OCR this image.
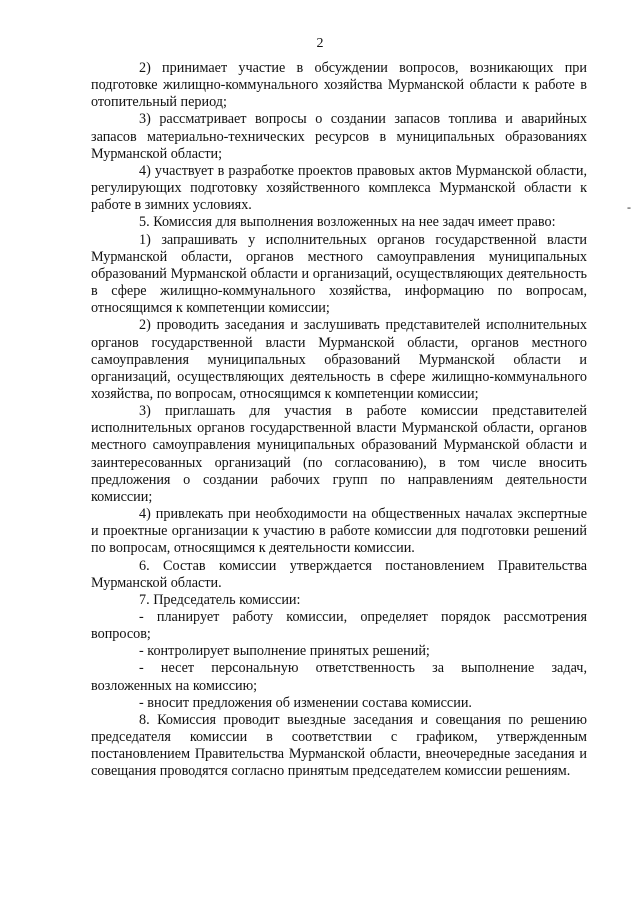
2
-

2) принимает участие в обсуждении вопросов, возникающих при подготовке жилищно-коммунального хозяйства Мурманской области к работе в отопительный период;

3) рассматривает вопросы о создании запасов топлива и аварийных запасов материально-технических ресурсов в муниципальных образованиях Мурманской области;

4) участвует в разработке проектов правовых актов Мурманской области, регулирующих подготовку хозяйственного комплекса Мурманской области к работе в зимних условиях.

5. Комиссия для выполнения возложенных на нее задач имеет право:

1) запрашивать у исполнительных органов государственной власти Мурманской области, органов местного самоуправления муниципальных образований Мурманской области и организаций, осуществляющих деятельность в сфере жилищно-коммунального хозяйства, информацию по вопросам, относящимся к компетенции комиссии;

2) проводить заседания и заслушивать представителей исполнительных органов государственной власти Мурманской области, органов местного самоуправления муниципальных образований Мурманской области и организаций, осуществляющих деятельность в сфере жилищно-коммунального хозяйства, по вопросам, относящимся к компетенции комиссии;

3) приглашать для участия в работе комиссии представителей исполнительных органов государственной власти Мурманской области, органов местного самоуправления муниципальных образований Мурманской области и заинтересованных организаций (по согласованию), в том числе вносить предложения о создании рабочих групп по направлениям деятельности комиссии;

4) привлекать при необходимости на общественных началах экспертные и проектные организации к участию в работе комиссии для подготовки решений по вопросам, относящимся к деятельности комиссии.

6. Состав комиссии утверждается постановлением Правительства Мурманской области.

7. Председатель комиссии:

- планирует работу комиссии, определяет порядок рассмотрения вопросов;

- контролирует выполнение принятых решений;

- несет персональную ответственность за выполнение задач, возложенных на комиссию;

- вносит предложения об изменении состава комиссии.

8. Комиссия проводит выездные заседания и совещания по решению председателя комиссии в соответствии с графиком, утвержденным постановлением Правительства Мурманской области, внеочередные заседания и совещания проводятся согласно принятым председателем комиссии решениям.
